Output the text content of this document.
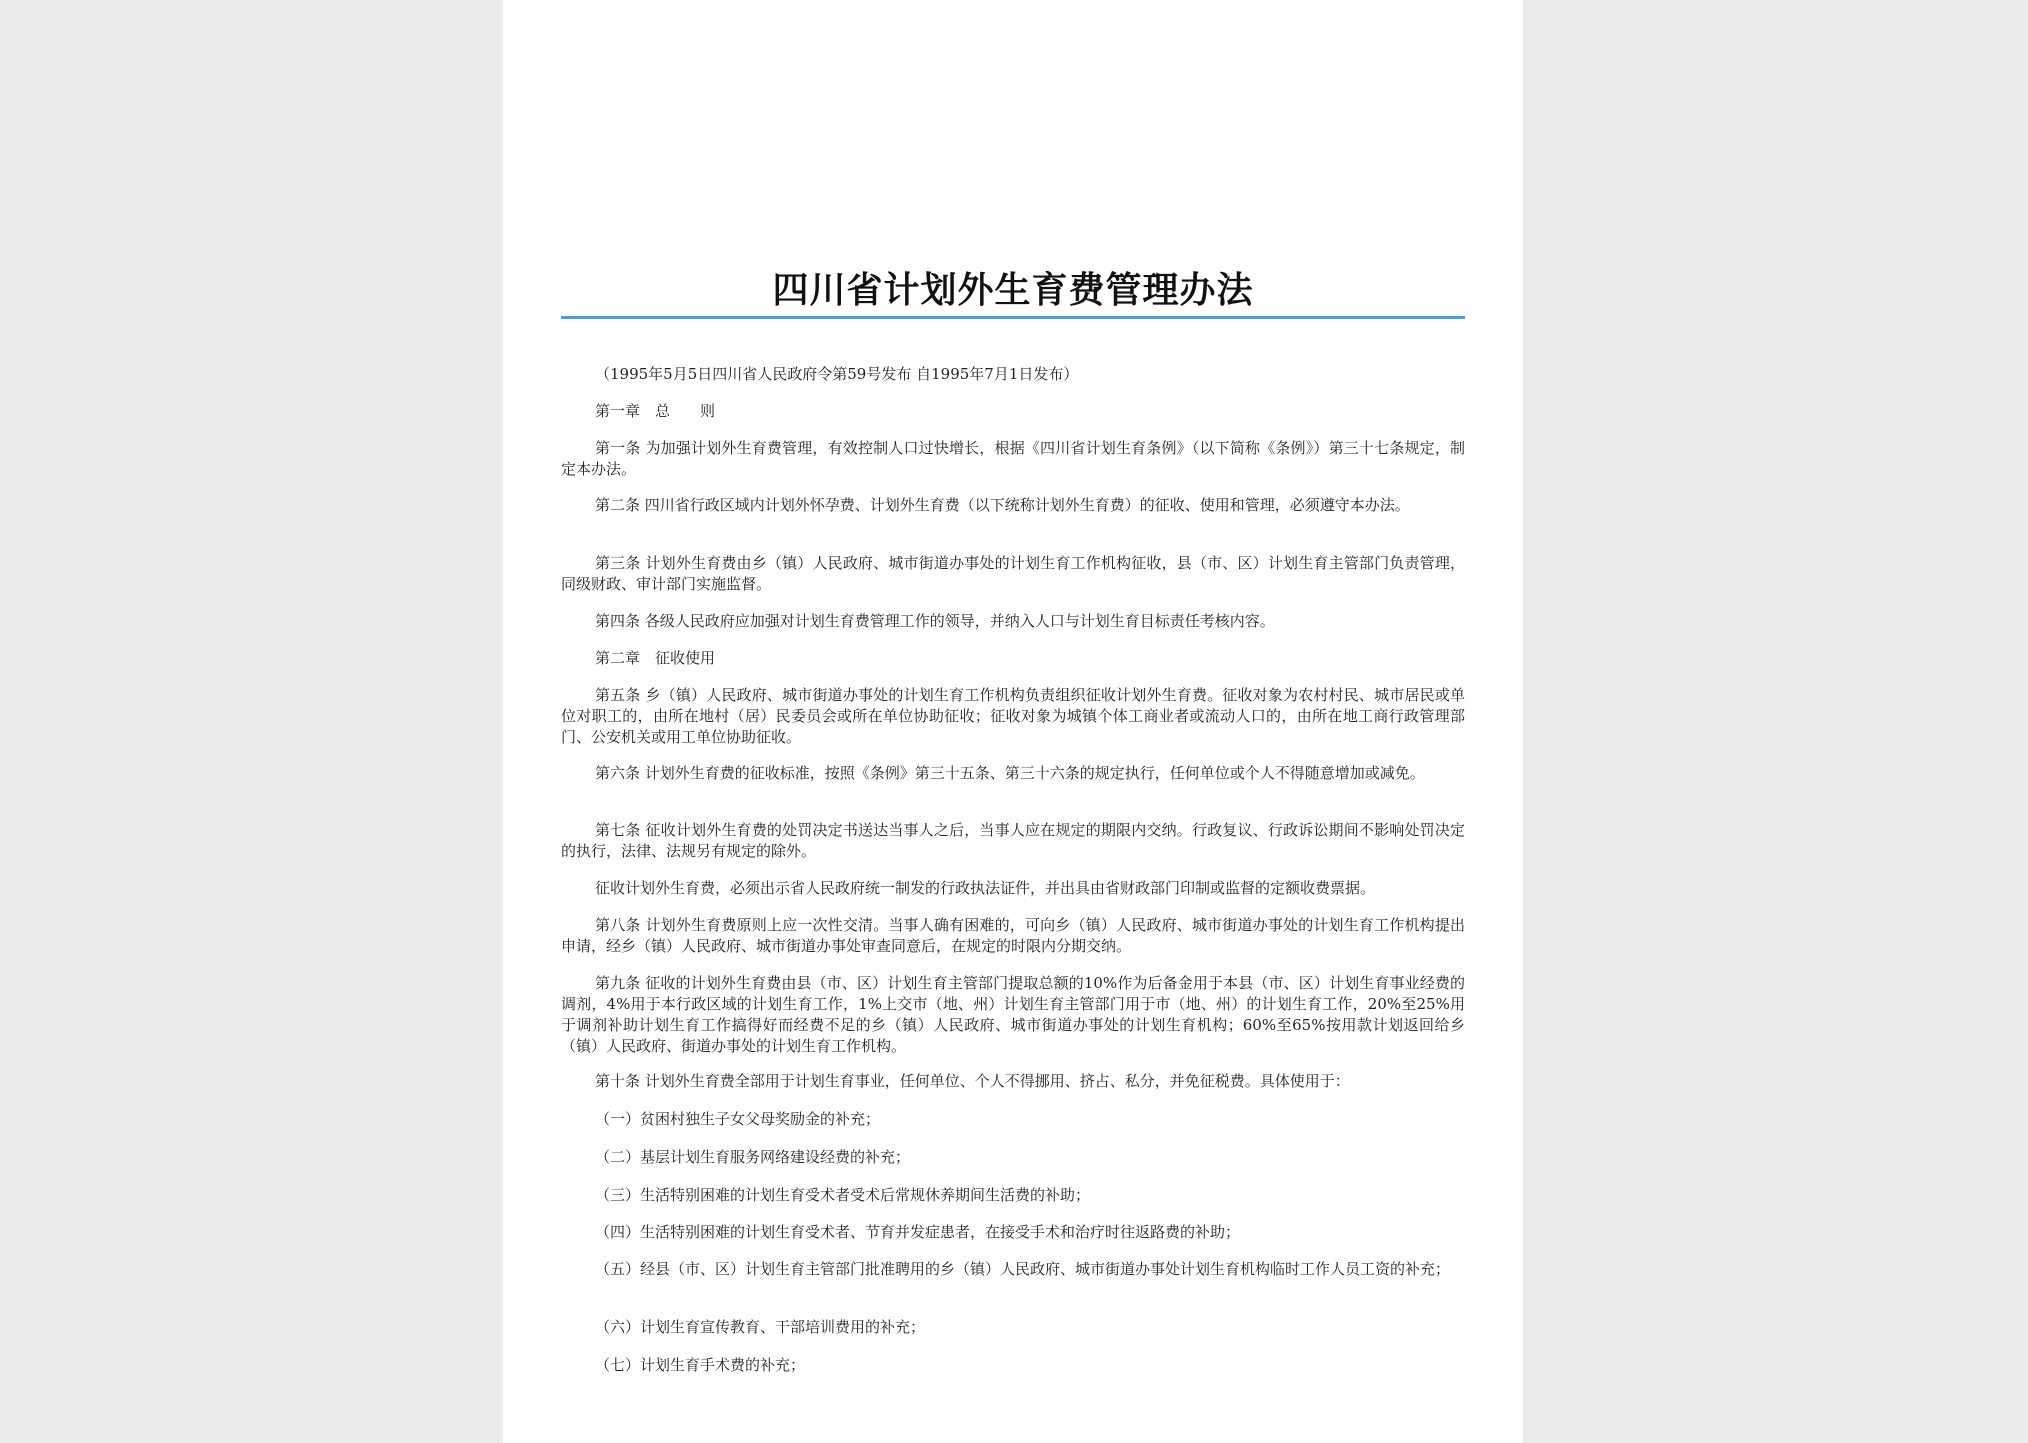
四川省计划外生育费管理办法

（1995年5月5日四川省人民政府令第59号发布 自1995年7月1日发布）

第一章　总　　则

第一条 为加强计划外生育费管理，有效控制人口过快增长，根据《四川省计划生育条例》（以下简称《条例》）第三十七条规定，制定本办法。

第二条 四川省行政区域内计划外怀孕费、计划外生育费（以下统称计划外生育费）的征收、使用和管理，必须遵守本办法。

第三条 计划外生育费由乡（镇）人民政府、城市街道办事处的计划生育工作机构征收，县（市、区）计划生育主管部门负责管理，同级财政、审计部门实施监督。

第四条 各级人民政府应加强对计划生育费管理工作的领导，并纳入人口与计划生育目标责任考核内容。

第二章　征收使用

第五条 乡（镇）人民政府、城市街道办事处的计划生育工作机构负责组织征收计划外生育费。征收对象为农村村民、城市居民或单位对职工的，由所在地村（居）民委员会或所在单位协助征收；征收对象为城镇个体工商业者或流动人口的，由所在地工商行政管理部门、公安机关或用工单位协助征收。

第六条 计划外生育费的征收标准，按照《条例》第三十五条、第三十六条的规定执行，任何单位或个人不得随意增加或减免。

第七条 征收计划外生育费的处罚决定书送达当事人之后，当事人应在规定的期限内交纳。行政复议、行政诉讼期间不影响处罚决定的执行，法律、法规另有规定的除外。

征收计划外生育费，必须出示省人民政府统一制发的行政执法证件，并出具由省财政部门印制或监督的定额收费票据。

第八条 计划外生育费原则上应一次性交清。当事人确有困难的，可向乡（镇）人民政府、城市街道办事处的计划生育工作机构提出申请，经乡（镇）人民政府、城市街道办事处审查同意后，在规定的时限内分期交纳。

第九条 征收的计划外生育费由县（市、区）计划生育主管部门提取总额的10%作为后备金用于本县（市、区）计划生育事业经费的调剂，4%用于本行政区域的计划生育工作，1%上交市（地、州）计划生育主管部门用于市（地、州）的计划生育工作，20%至25%用于调剂补助计划生育工作搞得好而经费不足的乡（镇）人民政府、城市街道办事处的计划生育机构；60%至65%按用款计划返回给乡（镇）人民政府、街道办事处的计划生育工作机构。

第十条 计划外生育费全部用于计划生育事业，任何单位、个人不得挪用、挤占、私分，并免征税费。具体使用于：

（一）贫困村独生子女父母奖励金的补充；

（二）基层计划生育服务网络建设经费的补充；

（三）生活特别困难的计划生育受术者受术后常规休养期间生活费的补助；

（四）生活特别困难的计划生育受术者、节育并发症患者，在接受手术和治疗时往返路费的补助；

（五）经县（市、区）计划生育主管部门批准聘用的乡（镇）人民政府、城市街道办事处计划生育机构临时工作人员工资的补充；

（六）计划生育宣传教育、干部培训费用的补充；

（七）计划生育手术费的补充；
